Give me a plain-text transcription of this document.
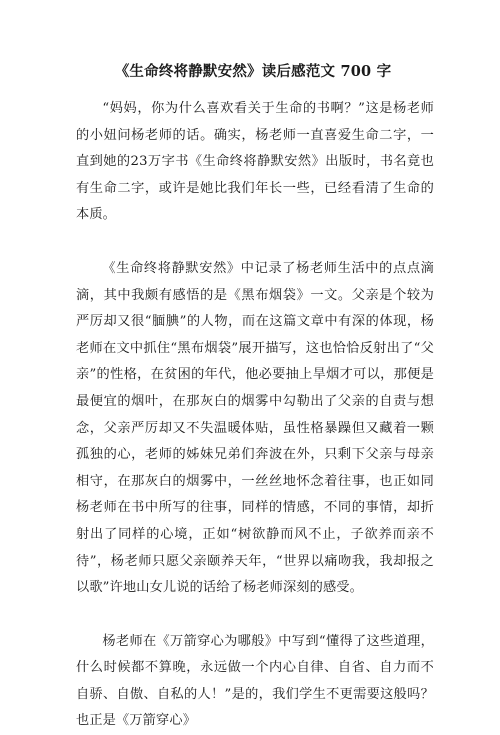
《生命终将静默安然》读后感范文 700 字

“妈妈，你为什么喜欢看关于生命的书啊？”这是杨老师的小妞问杨老师的话。确实，杨老师一直喜爱生命二字，一直到她的23万字书《生命终将静默安然》出版时，书名竟也有生命二字，或许是她比我们年长一些，已经看清了生命的本质。

《生命终将静默安然》中记录了杨老师生活中的点点滴滴，其中我颇有感悟的是《黑布烟袋》一文。父亲是个较为严厉却又很“腼腆”的人物，而在这篇文章中有深的体现，杨老师在文中抓住“黑布烟袋”展开描写，这也恰恰反射出了“父亲”的性格，在贫困的年代，他必要抽上旱烟才可以，那便是最便宜的烟叶，在那灰白的烟雾中勾勒出了父亲的自责与想念，父亲严厉却又不失温暖体贴，虽性格暴躁但又藏着一颗孤独的心，老师的姊妹兄弟们奔波在外，只剩下父亲与母亲相守，在那灰白的烟雾中，一丝丝地怀念着往事，也正如同杨老师在书中所写的往事，同样的情感，不同的事情，却折射出了同样的心境，正如“树欲静而风不止，子欲养而亲不待”，杨老师只愿父亲颐养天年，“世界以痛吻我，我却报之以歌”许地山女儿说的话给了杨老师深刻的感受。

杨老师在《万箭穿心为哪般》中写到“懂得了这些道理，什么时候都不算晚，永远做一个内心自律、自省、自力而不自骄、自傲、自私的人！”是的，我们学生不更需要这般吗？也正是《万箭穿心》
